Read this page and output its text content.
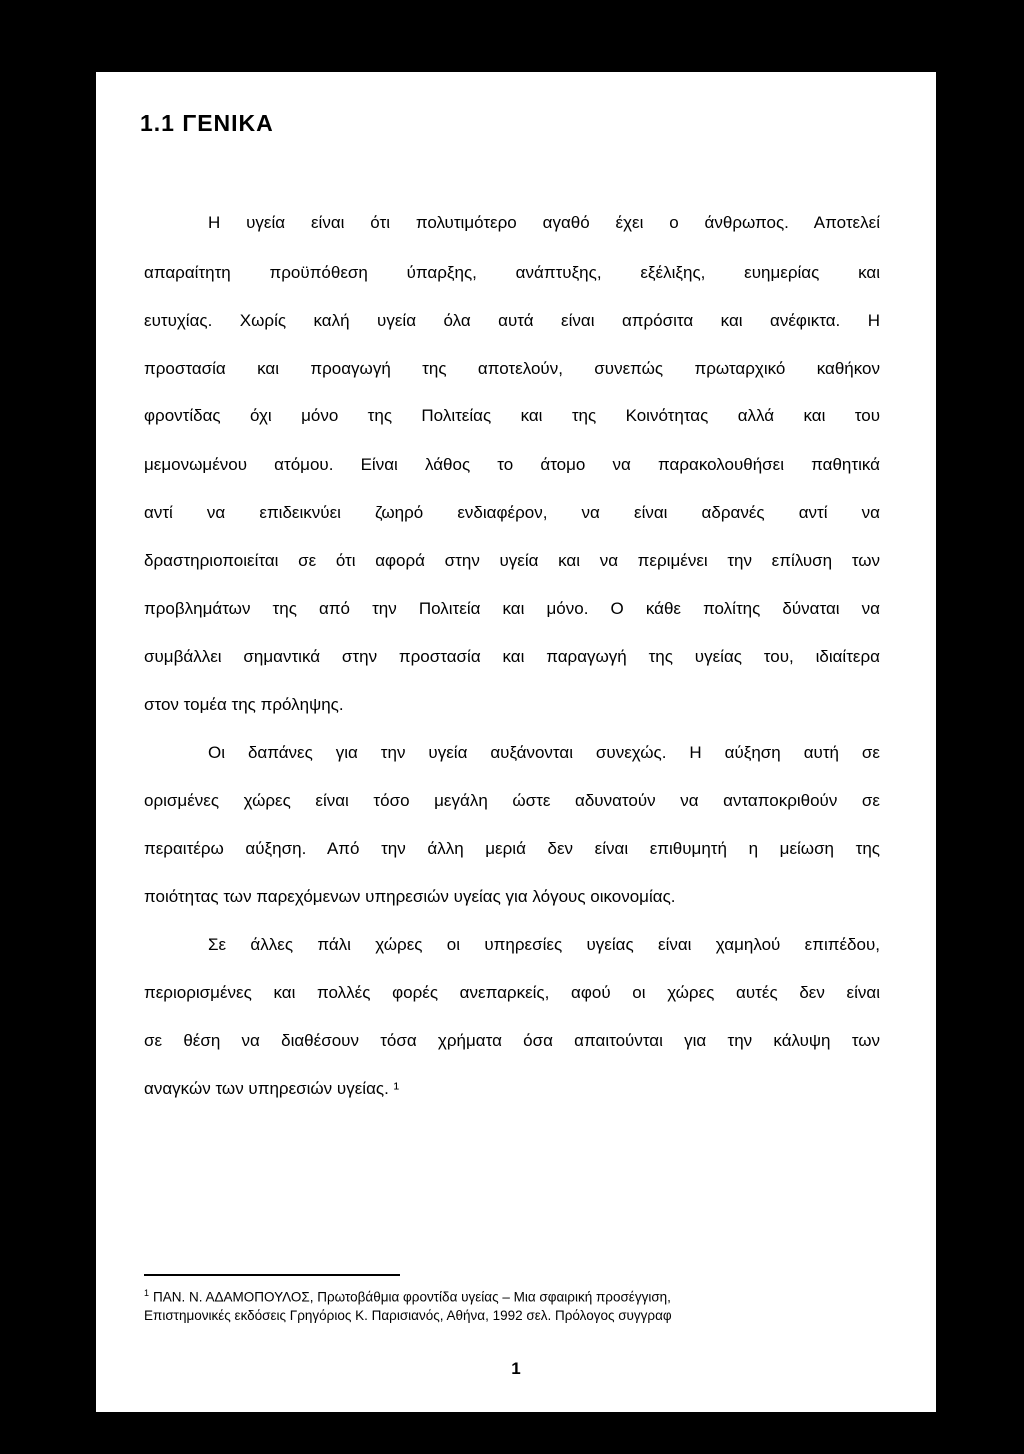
1.1 ΓΕΝΙΚΑ

Η υγεία είναι ότι πολυτιμότερο αγαθό έχει ο άνθρωπος. Αποτελεί

απαραίτητη προϋπόθεση ύπαρξης, ανάπτυξης, εξέλιξης, ευημερίας και

ευτυχίας. Χωρίς καλή υγεία όλα αυτά είναι απρόσιτα και ανέφικτα. Η

προστασία και προαγωγή της αποτελούν, συνεπώς πρωταρχικό καθήκον

φροντίδας όχι μόνο της Πολιτείας και της Κοινότητας αλλά και του

μεμονωμένου ατόμου. Είναι λάθος το άτομο να παρακολουθήσει παθητικά

αντί να επιδεικνύει ζωηρό ενδιαφέρον, να είναι αδρανές αντί να

δραστηριοποιείται σε ότι αφορά στην υγεία και να περιμένει την επίλυση των

προβλημάτων της από την Πολιτεία και μόνο. Ο κάθε πολίτης δύναται να

συμβάλλει σημαντικά στην προστασία και παραγωγή της υγείας του, ιδιαίτερα

στον τομέα της πρόληψης.

Οι δαπάνες για την υγεία αυξάνονται συνεχώς. Η αύξηση αυτή σε

ορισμένες χώρες είναι τόσο μεγάλη ώστε αδυνατούν να ανταποκριθούν σε

περαιτέρω αύξηση. Από την άλλη μεριά δεν είναι επιθυμητή η μείωση της

ποιότητας των παρεχόμενων υπηρεσιών υγείας για λόγους οικονομίας.

Σε άλλες πάλι χώρες οι υπηρεσίες υγείας είναι χαμηλού επιπέδου,

περιορισμένες και πολλές φορές ανεπαρκείς, αφού οι χώρες αυτές δεν είναι

σε θέση να διαθέσουν τόσα χρήματα όσα απαιτούνται για την κάλυψη των

αναγκών των υπηρεσιών υγείας. ¹

$^1$ ΠΑΝ. Ν. ΑΔΑΜΟΠΟΥΛΟΣ, Πρωτοβάθμια φροντίδα υγείας – Μια σφαιρική προσέγγιση,

Επιστημονικές εκδόσεις Γρηγόριος Κ. Παρισιανός, Αθήνα, 1992 σελ. Πρόλογος συγγραφ

1
